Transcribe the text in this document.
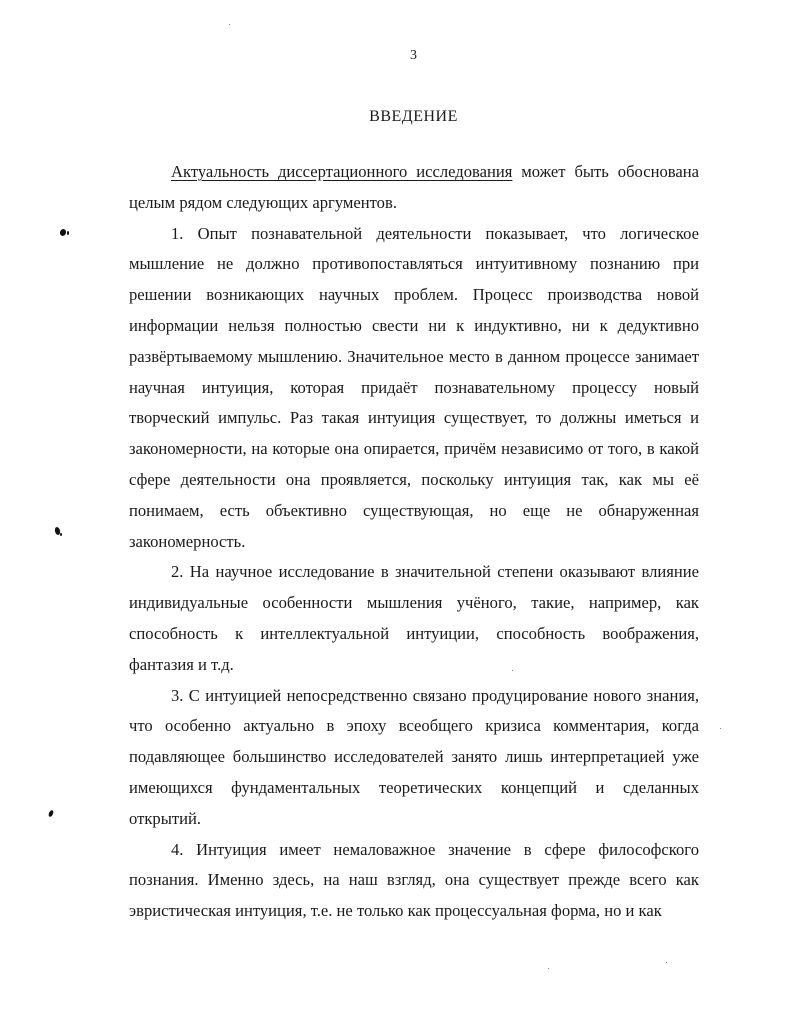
3
ВВЕДЕНИЕ

Актуальность диссертационного исследования может быть обоснована целым рядом следующих аргументов.

1. Опыт познавательной деятельности показывает, что логическое мышление не должно противопоставляться интуитивному познанию при решении возникающих научных проблем. Процесс производства новой информации нельзя полностью свести ни к индуктивно, ни к дедуктивно развёртываемому мышлению. Значительное место в данном процессе занимает научная интуиция, которая придаёт познавательному процессу новый творческий импульс. Раз такая интуиция существует, то должны иметься и закономерности, на которые она опирается, причём независимо от того, в какой сфере деятельности она проявляется, поскольку интуиция так, как мы её понимаем, есть объективно существующая, но еще не обнаруженная закономерность.

2. На научное исследование в значительной степени оказывают влияние индивидуальные особенности мышления учёного, такие, например, как способность к интеллектуальной интуиции, способность воображения, фантазия и т.д.

3. С интуицией непосредственно связано продуцирование нового знания, что особенно актуально в эпоху всеобщего кризиса комментария, когда подавляющее большинство исследователей занято лишь интерпретацией уже имеющихся фундаментальных теоретических концепций и сделанных открытий.

4. Интуиция имеет немаловажное значение в сфере философского познания. Именно здесь, на наш взгляд, она существует прежде всего как эвристическая интуиция, т.е. не только как процессуальная форма, но и как
